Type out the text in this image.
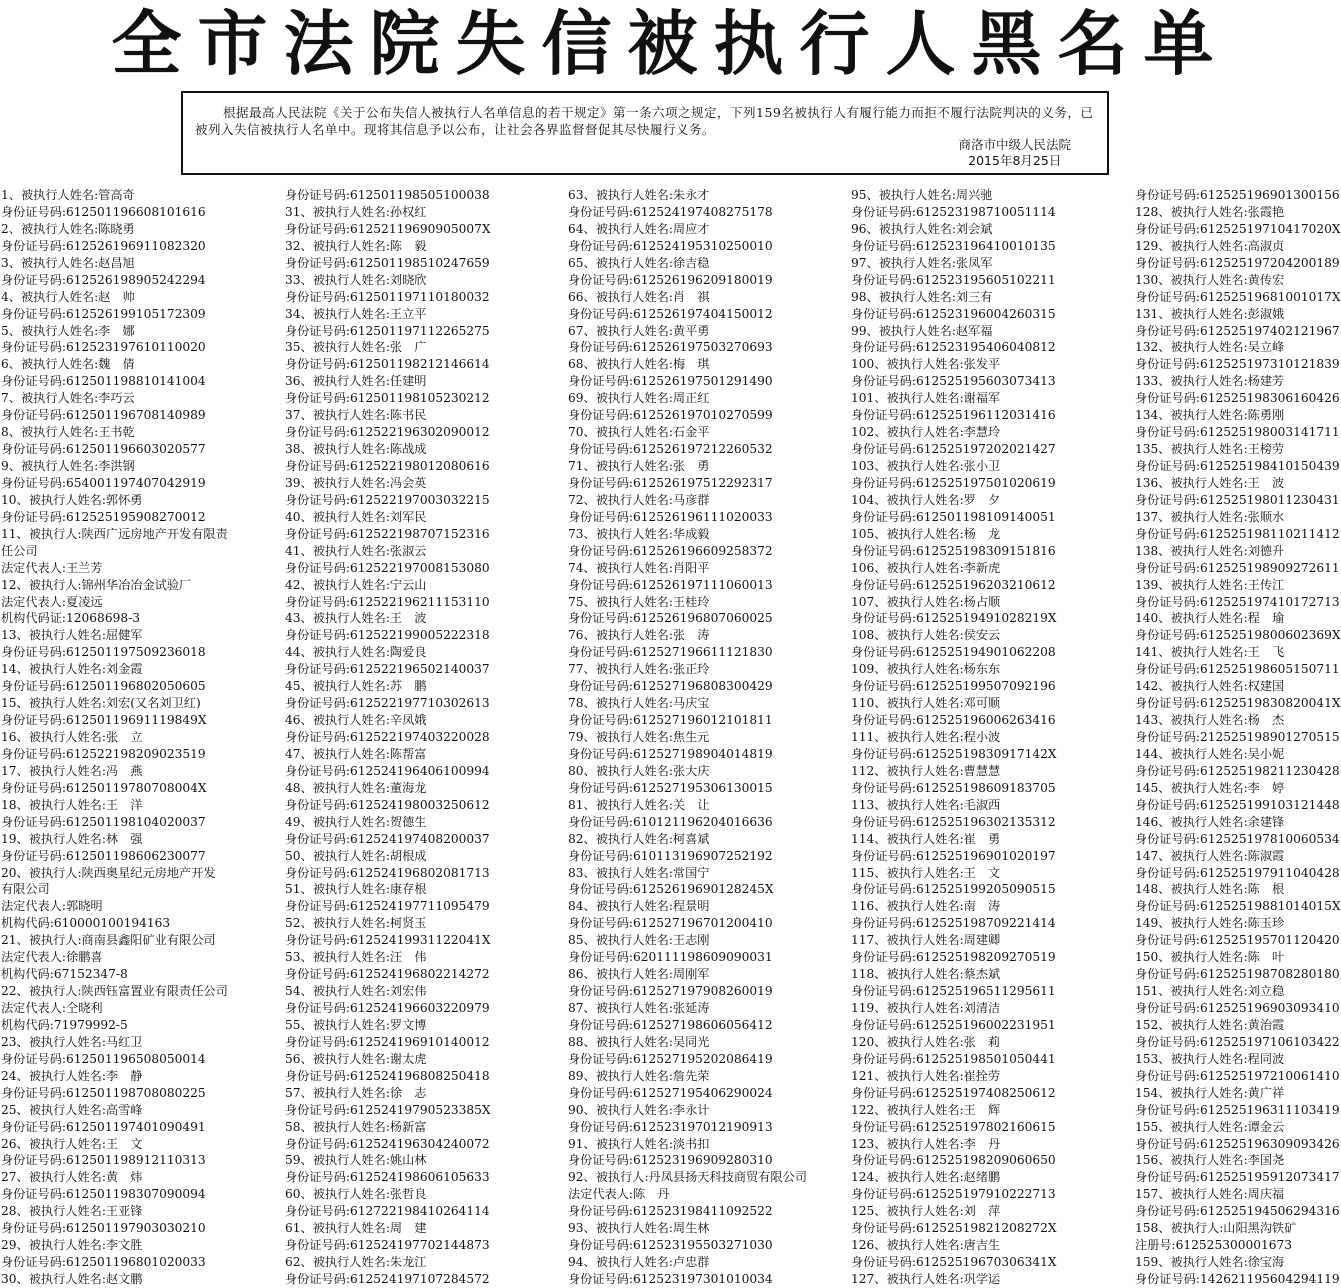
全市法院失信被执行人黑名单
根据最高人民法院《关于公布失信人被执行人名单信息的若干规定》第一条六项之规定，下列159名被执行人有履行能力而拒不履行法院判决的义务，已被列入失信被执行人名单中。现将其信息予以公布，让社会各界监督督促其尽快履行义务。
商洛市中级人民法院
2015年8月25日
1、被执行人姓名:管高奇
身份证号码:612501196608101616
2、被执行人姓名:陈晓勇
身份证号码:612526196911082320
3、被执行人姓名:赵昌旭
身份证号码:612526198905242294
4、被执行人姓名:赵　帅
身份证号码:612526199105172309
5、被执行人姓名:李　娜
身份证号码:612523197610110020
6、被执行人姓名:魏　倩
身份证号码:612501198810141004
7、被执行人姓名:李巧云
身份证号码:612501196708140989
8、被执行人姓名:王书乾
身份证号码:612501196603020577
9、被执行人姓名:李洪钢
身份证号码:654001197407042919
10、被执行人姓名:郭怀勇
身份证号码:612525195908270012
11、被执行人:陕西广远房地产开发有限责
任公司
法定代表人:王兰芳
12、被执行人:锦州华冶冶金试验厂
法定代表人:夏凌远
机构代码证:12068698-3
13、被执行人姓名:屈健军
身份证号码:612501197509236018
14、被执行人姓名:刘金霞
身份证号码:612501196802050605
15、被执行人姓名:刘宏(又名刘卫红)
身份证号码:61250119691119849X
16、被执行人姓名:张　立
身份证号码:612522198209023519
17、被执行人姓名:冯　燕
身份证号码:61250119780708004X
18、被执行人姓名:王　洋
身份证号码:612501198104020037
19、被执行人姓名:林　强
身份证号码:612501198606230077
20、被执行人:陕西奥星纪元房地产开发
有限公司
法定代表人:郭晓明
机构代码:610000100194163
21、被执行人:商南县鑫阳矿业有限公司
法定代表人:徐鹏喜
机构代码:67152347-8
22、被执行人:陕西钰富置业有限责任公司
法定代表人:仝晓利
机构代码:71979992-5
23、被执行人姓名:马红卫
身份证号码:612501196508050014
24、被执行人姓名:李　静
身份证号码:612501198708080225
25、被执行人姓名:高雪峰
身份证号码:612501197401090491
26、被执行人姓名:王　文
身份证号码:612501198912110313
27、被执行人姓名:黄　炜
身份证号码:612501198307090094
28、被执行人姓名:王亚锋
身份证号码:612501197903030210
29、被执行人姓名:李文胜
身份证号码:612501196801020033
30、被执行人姓名:赵文鹏
身份证号码:612501198505100038
31、被执行人姓名:孙权红
身份证号码:61252119690905007X
32、被执行人姓名:陈　毅
身份证号码:612501198510247659
33、被执行人姓名:刘晓欣
身份证号码:612501197110180032
34、被执行人姓名:王立平
身份证号码:612501197112265275
35、被执行人姓名:张　广
身份证号码:612501198212146614
36、被执行人姓名:任建明
身份证号码:612501198105230212
37、被执行人姓名:陈书民
身份证号码:612522196302090012
38、被执行人姓名:陈战成
身份证号码:612522198012080616
39、被执行人姓名:冯会英
身份证号码:612522197003032215
40、被执行人姓名:刘军民
身份证号码:612522198707152316
41、被执行人姓名:张淑云
身份证号码:612522197008153080
42、被执行人姓名:宁云山
身份证号码:612522196211153110
43、被执行人姓名:王　波
身份证号码:612522199005222318
44、被执行人姓名:陶爱良
身份证号码:612522196502140037
45、被执行人姓名:苏　鹏
身份证号码:612522197710302613
46、被执行人姓名:辛凤娥
身份证号码:612522197403220028
47、被执行人姓名:陈帮富
身份证号码:612524196406100994
48、被执行人姓名:董海龙
身份证号码:612524198003250612
49、被执行人姓名:贺德生
身份证号码:612524197408200037
50、被执行人姓名:胡根成
身份证号码:612524196802081713
51、被执行人姓名:康存根
身份证号码:612524197711095479
52、被执行人姓名:柯贤玉
身份证号码:61252419931122041X
53、被执行人姓名:汪　伟
身份证号码:612524196802214272
54、被执行人姓名:刘宏伟
身份证号码:612524196603220979
55、被执行人姓名:罗文博
身份证号码:612524196910140012
56、被执行人姓名:谢太虎
身份证号码:612524196808250418
57、被执行人姓名:徐　志
身份证号码:61252419790523385X
58、被执行人姓名:杨新富
身份证号码:612524196304240072
59、被执行人姓名:姚山林
身份证号码:612524198606105633
60、被执行人姓名:张哲良
身份证号码:612722198410264114
61、被执行人姓名:周　建
身份证号码:612524197702144873
62、被执行人姓名:朱龙江
身份证号码:612524197107284572
63、被执行人姓名:朱永才
身份证号码:612524197408275178
64、被执行人姓名:周应才
身份证号码:612524195310250010
65、被执行人姓名:徐吉稳
身份证号码:612526196209180019
66、被执行人姓名:肖　祺
身份证号码:612526197404150012
67、被执行人姓名:黄平勇
身份证号码:612526197503270693
68、被执行人姓名:梅　琪
身份证号码:612526197501291490
69、被执行人姓名:周正红
身份证号码:612526197010270599
70、被执行人姓名:石金平
身份证号码:612526197212260532
71、被执行人姓名:张　勇
身份证号码:612526197512292317
72、被执行人姓名:马彦群
身份证号码:612526196111020033
73、被执行人姓名:华成毅
身份证号码:612526196609258372
74、被执行人姓名:肖阳平
身份证号码:612526197111060013
75、被执行人姓名:王桂玲
身份证号码:612526196807060025
76、被执行人姓名:张　涛
身份证号码:612527196611121830
77、被执行人姓名:张正玲
身份证号码:612527196808300429
78、被执行人姓名:马庆宝
身份证号码:612527196012101811
79、被执行人姓名:焦生元
身份证号码:612527198904014819
80、被执行人姓名:张大庆
身份证号码:612527195306130015
81、被执行人姓名:关　让
身份证号码:610121196204016636
82、被执行人姓名:柯喜斌
身份证号码:610113196907252192
83、被执行人姓名:常国宁
身份证号码:61252619690128245X
84、被执行人姓名:程景明
身份证号码:612527196701200410
85、被执行人姓名:王志刚
身份证号码:620111198609090031
86、被执行人姓名:周刚军
身份证号码:612527197908260019
87、被执行人姓名:张延涛
身份证号码:612527198606056412
88、被执行人姓名:吴同光
身份证号码:612527195202086419
89、被执行人姓名:詹先荣
身份证号码:612527195406290024
90、被执行人姓名:李永计
身份证号码:612523197012190913
91、被执行人姓名:淡书扣
身份证号码:612523196909280310
92、被执行人:丹凤县扬天科技商贸有限公司
法定代表人:陈　丹
身份证号码:612523198411092522
93、被执行人姓名:周生林
身份证号码:612523195503271030
94、被执行人姓名:卢忠群
身份证号码:612523197301010034
95、被执行人姓名:周兴驰
身份证号码:612523198710051114
96、被执行人姓名:刘会斌
身份证号码:612523196410010135
97、被执行人姓名:张凤军
身份证号码:612523195605102211
98、被执行人姓名:刘三有
身份证号码:612523196004260315
99、被执行人姓名:赵军福
身份证号码:612523195406040812
100、被执行人姓名:张发平
身份证号码:612525195603073413
101、被执行人姓名:谢福军
身份证号码:612525196112031416
102、被执行人姓名:李慧玲
身份证号码:612525197202021427
103、被执行人姓名:张小卫
身份证号码:612525197501020619
104、被执行人姓名:罗　夕
身份证号码:612501198109140051
105、被执行人姓名:杨　龙
身份证号码:612525198309151816
106、被执行人姓名:李新虎
身份证号码:612525196203210612
107、被执行人姓名:杨占顺
身份证号码:61252519491028219X
108、被执行人姓名:侯安云
身份证号码:612525194901062208
109、被执行人姓名:杨东东
身份证号码:612525199507092196
110、被执行人姓名:邓可顺
身份证号码:612525196006263416
111、被执行人姓名:程小波
身份证号码:61252519830917142X
112、被执行人姓名:曹慧慧
身份证号码:612525198609183705
113、被执行人姓名:毛淑西
身份证号码:612525196302135312
114、被执行人姓名:崔　勇
身份证号码:612525196901020197
115、被执行人姓名:王　文
身份证号码:612525199205090515
116、被执行人姓名:南　涛
身份证号码:612525198709221414
117、被执行人姓名:周建卿
身份证号码:612525198209270519
118、被执行人姓名:蔡杰斌
身份证号码:612525196511295611
119、被执行人姓名:刘清洁
身份证号码:612525196002231951
120、被执行人姓名:张　莉
身份证号码:612525198501050441
121、被执行人姓名:崔拴劳
身份证号码:612525197408250612
122、被执行人姓名:王　辉
身份证号码:612525197802160615
123、被执行人姓名:李　丹
身份证号码:612525198209060650
124、被执行人姓名:赵绪鹏
身份证号码:612525197910222713
125、被执行人姓名:刘　萍
身份证号码:61252519821208272X
126、被执行人姓名:唐吉生
身份证号码:61252519670306341X
127、被执行人姓名:巩学运
身份证号码:612525196901300156
128、被执行人姓名:张霞艳
身份证号码:61252519710417020X
129、被执行人姓名:高淑贞
身份证号码:612525197204200189
130、被执行人姓名:黄传宏
身份证号码:61252519681001017X
131、被执行人姓名:彭淑娥
身份证号码:612525197402121967
132、被执行人姓名:吴立峰
身份证号码:612525197310121839
133、被执行人姓名:杨建芳
身份证号码:612525198306160426
134、被执行人姓名:陈勇刚
身份证号码:612525198003141711
135、被执行人姓名:王榜劳
身份证号码:612525198410150439
136、被执行人姓名:王　波
身份证号码:612525198011230431
137、被执行人姓名:张顺水
身份证号码:612525198110211412
138、被执行人姓名:刘德升
身份证号码:612525198909272611
139、被执行人姓名:王传江
身份证号码:612525197410172713
140、被执行人姓名:程　瑜
身份证号码:61252519800602369X
141、被执行人姓名:王　飞
身份证号码:612525198605150711
142、被执行人姓名:权建国
身份证号码:61252519830820041X
143、被执行人姓名:杨　杰
身份证号码:212525198901270515
144、被执行人姓名:吴小妮
身份证号码:612525198211230428
145、被执行人姓名:李　婷
身份证号码:612525199103121448
146、被执行人姓名:余建锋
身份证号码:612525197810060534
147、被执行人姓名:陈淑霞
身份证号码:612525197911040428
148、被执行人姓名:陈　根
身份证号码:61252519881014015X
149、被执行人姓名:陈玉珍
身份证号码:612525195701120420
150、被执行人姓名:陈　叶
身份证号码:612525198708280180
151、被执行人姓名:刘立稳
身份证号码:612525196903093410
152、被执行人姓名:黄治霞
身份证号码:612525197106103422
153、被执行人姓名:程同波
身份证号码:612525197210061410
154、被执行人姓名:黄广祥
身份证号码:612525196311103419
155、被执行人姓名:谭金云
身份证号码:612525196309093426
156、被执行人姓名:李国尧
身份证号码:612525195912073417
157、被执行人姓名:周庆福
身份证号码:612525194506294316
158、被执行人:山阳黑沟铁矿
注册号:612525300001673
159、被执行人姓名:徐宝海
身份证号码:142621195604294119
